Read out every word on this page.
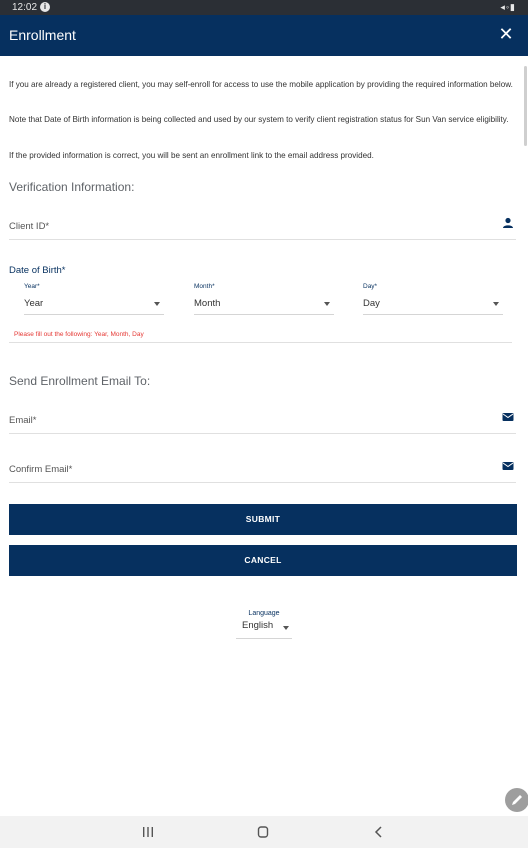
12:02 i	◂◦▮
Enrollment	✕

If you are already a registered client, you may self-enroll for access to use the mobile application by providing the required information below.

Note that Date of Birth information is being collected and used by our system to verify client registration status for Sun Van service eligibility.

If the provided information is correct, you will be sent an enrollment link to the email address provided.

Verification Information:
Client ID*
Date of Birth*
Year*
Year
Month*
Month
Day*
Day
Please fill out the following: Year, Month, Day
Send Enrollment Email To:
Email*
Confirm Email*
SUBMIT
CANCEL
Language
English
